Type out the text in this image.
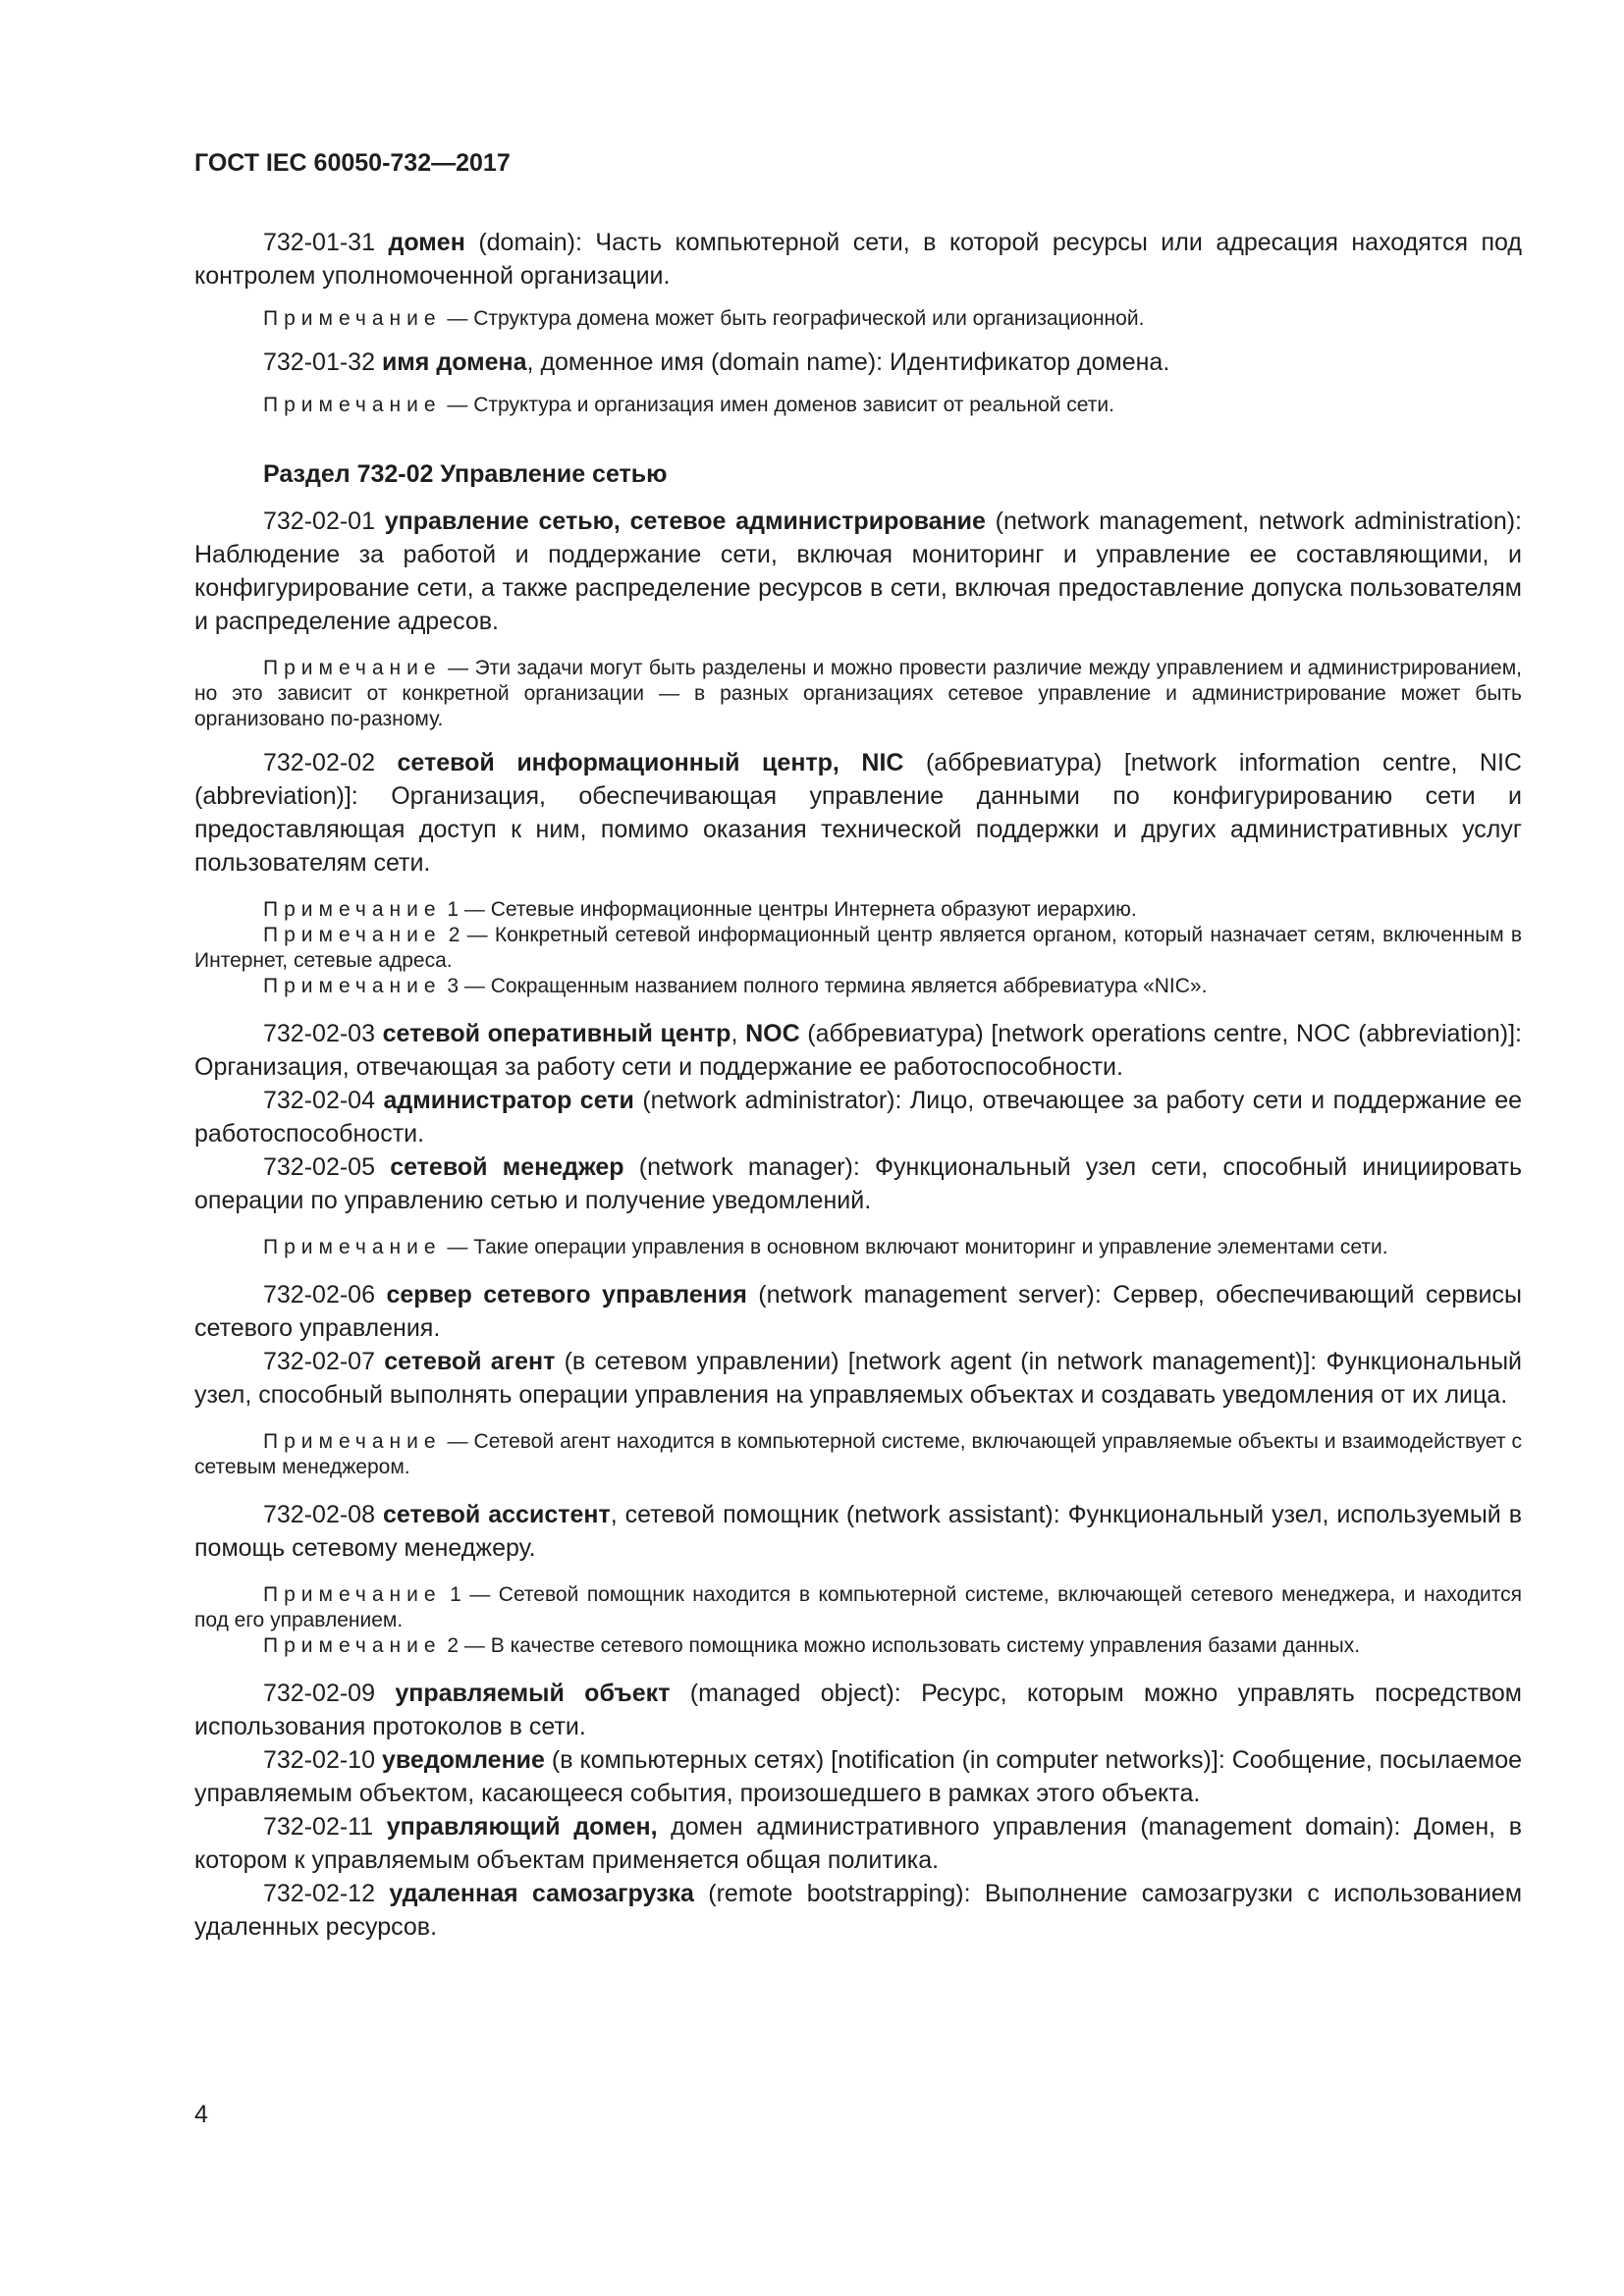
ГОСТ IEC 60050-732—2017

732-01-31 домен (domain): Часть компьютерной сети, в которой ресурсы или адресация находятся под контролем уполномоченной организации.

Примечание — Структура домена может быть географической или организационной.

732-01-32 имя домена, доменное имя (domain name): Идентификатор домена.

Примечание — Структура и организация имен доменов зависит от реальной сети.

Раздел 732-02 Управление сетью

732-02-01 управление сетью, сетевое администрирование (network management, network administration): Наблюдение за работой и поддержание сети, включая мониторинг и управление ее составляющими, и конфигурирование сети, а также распределение ресурсов в сети, включая предоставление допуска пользователям и распределение адресов.

Примечание — Эти задачи могут быть разделены и можно провести различие между управлением и администрированием, но это зависит от конкретной организации — в разных организациях сетевое управление и администрирование может быть организовано по-разному.

732-02-02 сетевой информационный центр, NIC (аббревиатура) [network information centre, NIC (abbreviation)]: Организация, обеспечивающая управление данными по конфигурированию сети и предоставляющая доступ к ним, помимо оказания технической поддержки и других административных услуг пользователям сети.

Примечание 1 — Сетевые информационные центры Интернета образуют иерархию.

Примечание 2 — Конкретный сетевой информационный центр является органом, который назначает сетям, включенным в Интернет, сетевые адреса.

Примечание 3 — Сокращенным названием полного термина является аббревиатура «NIC».

732-02-03 сетевой оперативный центр, NOC (аббревиатура) [network operations centre, NOC (abbreviation)]: Организация, отвечающая за работу сети и поддержание ее работоспособности.

732-02-04 администратор сети (network administrator): Лицо, отвечающее за работу сети и поддержание ее работоспособности.

732-02-05 сетевой менеджер (network manager): Функциональный узел сети, способный инициировать операции по управлению сетью и получение уведомлений.

Примечание — Такие операции управления в основном включают мониторинг и управление элементами сети.

732-02-06 сервер сетевого управления (network management server): Сервер, обеспечивающий сервисы сетевого управления.

732-02-07 сетевой агент (в сетевом управлении) [network agent (in network management)]: Функциональный узел, способный выполнять операции управления на управляемых объектах и создавать уведомления от их лица.

Примечание — Сетевой агент находится в компьютерной системе, включающей управляемые объекты и взаимодействует с сетевым менеджером.

732-02-08 сетевой ассистент, сетевой помощник (network assistant): Функциональный узел, используемый в помощь сетевому менеджеру.

Примечание 1 — Сетевой помощник находится в компьютерной системе, включающей сетевого менеджера, и находится под его управлением.

Примечание 2 — В качестве сетевого помощника можно использовать систему управления базами данных.

732-02-09 управляемый объект (managed object): Ресурс, которым можно управлять посредством использования протоколов в сети.

732-02-10 уведомление (в компьютерных сетях) [notification (in computer networks)]: Сообщение, посылаемое управляемым объектом, касающееся события, произошедшего в рамках этого объекта.

732-02-11 управляющий домен, домен административного управления (management domain): Домен, в котором к управляемым объектам применяется общая политика.

732-02-12 удаленная самозагрузка (remote bootstrapping): Выполнение самозагрузки с использованием удаленных ресурсов.

4
